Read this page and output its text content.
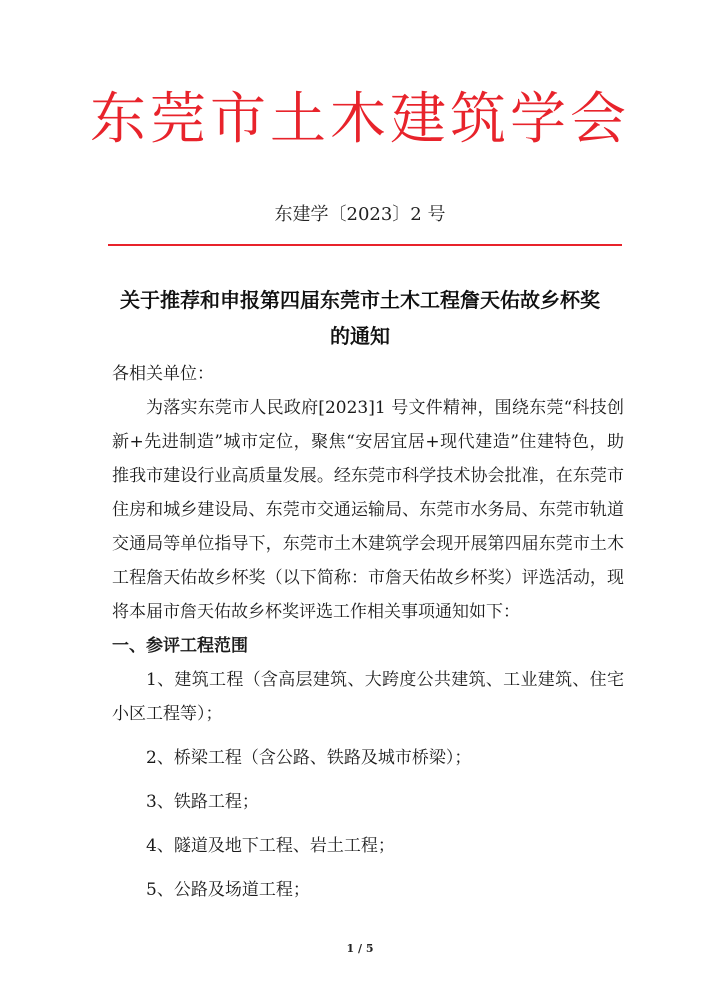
东莞市土木建筑学会
东建学〔2023〕2 号
关于推荐和申报第四届东莞市土木工程詹天佑故乡杯奖
的通知

各相关单位：

为落实东莞市人民政府[2023]1 号文件精神，围绕东莞“科技创新+先进制造”城市定位，聚焦“安居宜居+现代建造”住建特色，助推我市建设行业高质量发展。经东莞市科学技术协会批准，在东莞市住房和城乡建设局、东莞市交通运输局、东莞市水务局、东莞市轨道交通局等单位指导下，东莞市土木建筑学会现开展第四届东莞市土木工程詹天佑故乡杯奖（以下简称：市詹天佑故乡杯奖）评选活动，现将本届市詹天佑故乡杯奖评选工作相关事项通知如下：

一、参评工程范围

1、建筑工程（含高层建筑、大跨度公共建筑、工业建筑、住宅小区工程等）；

2、桥梁工程（含公路、铁路及城市桥梁）；

3、铁路工程；

4、隧道及地下工程、岩土工程；

5、公路及场道工程；

1 / 5
